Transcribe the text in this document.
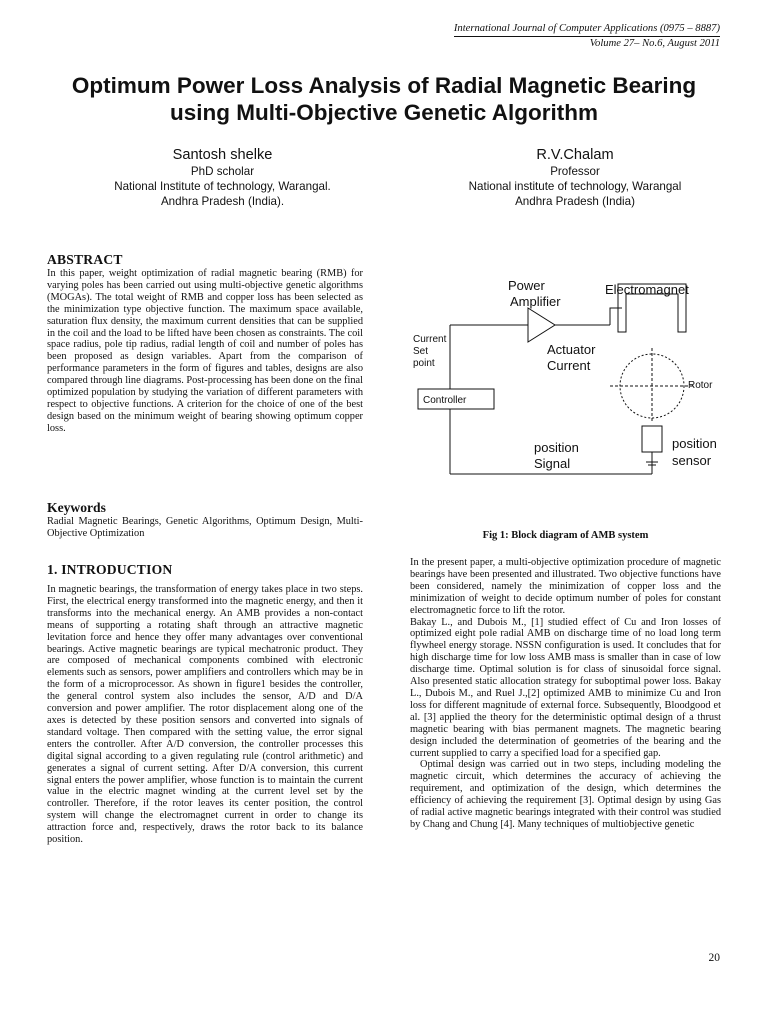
International Journal of Computer Applications (0975 – 8887)
Volume 27– No.6, August 2011
Optimum Power Loss Analysis of Radial Magnetic Bearing
using Multi-Objective Genetic Algorithm
Santosh shelke
PhD scholar
National Institute of technology, Warangal.
Andhra Pradesh (India).
R.V.Chalam
Professor
National institute of technology, Warangal
Andhra Pradesh (India)
ABSTRACT
In this paper, weight optimization of radial magnetic bearing (RMB) for varying poles has been carried out using multi-objective genetic algorithms (MOGAs). The total weight of RMB and copper loss has been selected as the minimization type objective function. The maximum space available, saturation flux density, the maximum current densities that can be supplied in the coil and the load to be lifted have been chosen as constraints. The coil space radius, pole tip radius, radial length of coil and number of poles has been proposed as design variables. Apart from the comparison of performance parameters in the form of figures and tables, designs are also compared through line diagrams. Post-processing has been done on the final optimized population by studying the variation of different parameters with respect to objective functions. A criterion for the choice of one of the best design based on the minimum weight of bearing showing optimum copper loss.
Keywords
Radial Magnetic Bearings, Genetic Algorithms, Optimum Design, Multi-Objective Optimization
1. INTRODUCTION
In magnetic bearings, the transformation of energy takes place in two steps. First, the electrical energy transformed into the magnetic energy, and then it transforms into the mechanical energy. An AMB provides a non-contact means of supporting a rotating shaft through an attractive magnetic levitation force and hence they offer many advantages over conventional bearings. Active magnetic bearings are typical mechatronic product. They are composed of mechanical components combined with electronic elements such as sensors, power amplifiers and controllers which may be in the form of a microprocessor. As shown in figure1 besides the controller, the general control system also includes the sensor, A/D and D/A conversion and power amplifier. The rotor displacement along one of the axes is detected by these position sensors and converted into signals of standard voltage. Then compared with the setting value, the error signal enters the controller. After A/D conversion, the controller processes this digital signal according to a given regulating rule (control arithmetic) and generates a signal of current setting. After D/A conversion, this current signal enters the power amplifier, whose function is to maintain the current value in the electric magnet winding at the current level set by the controller. Therefore, if the rotor leaves its center position, the control system will change the electromagnet current in order to change its attraction force and, respectively, draws the rotor back to its balance position.
Power
Amplifier
Electromagnet
Current
Set
point
Actuator
Current
Rotor
Controller
position
Signal
position
sensor
Fig 1: Block diagram of AMB system
In the present paper, a multi-objective optimization procedure of magnetic bearings have been presented and illustrated. Two objective functions have been considered, namely the minimization of copper loss and the minimization of weight to decide optimum number of poles for constant electromagnetic force to lift the rotor.
Bakay L., and Dubois M., [1] studied effect of Cu and Iron losses of optimized eight pole radial AMB on discharge time of no load long term flywheel energy storage. NSSN configuration is used. It concludes that for high discharge time for low loss AMB mass is smaller than in case of low discharge time. Optimal solution is for class of sinusoidal force signal. Also presented static allocation strategy for suboptimal power loss. Bakay L., Dubois M., and Ruel J.,[2] optimized AMB to minimize Cu and Iron loss for different magnitude of external force. Subsequently, Bloodgood et al. [3] applied the theory for the deterministic optimal design of a thrust magnetic bearing with bias permanent magnets. The magnetic bearing design included the determination of geometries of the bearing and the current supplied to carry a specified load for a specified gap.
Optimal design was carried out in two steps, including modeling the magnetic circuit, which determines the accuracy of achieving the requirement, and optimization of the design, which determines the efficiency of achieving the requirement [3]. Optimal design by using Gas of radial active magnetic bearings integrated with their control was studied by Chang and Chung [4]. Many techniques of multiobjective genetic
20
